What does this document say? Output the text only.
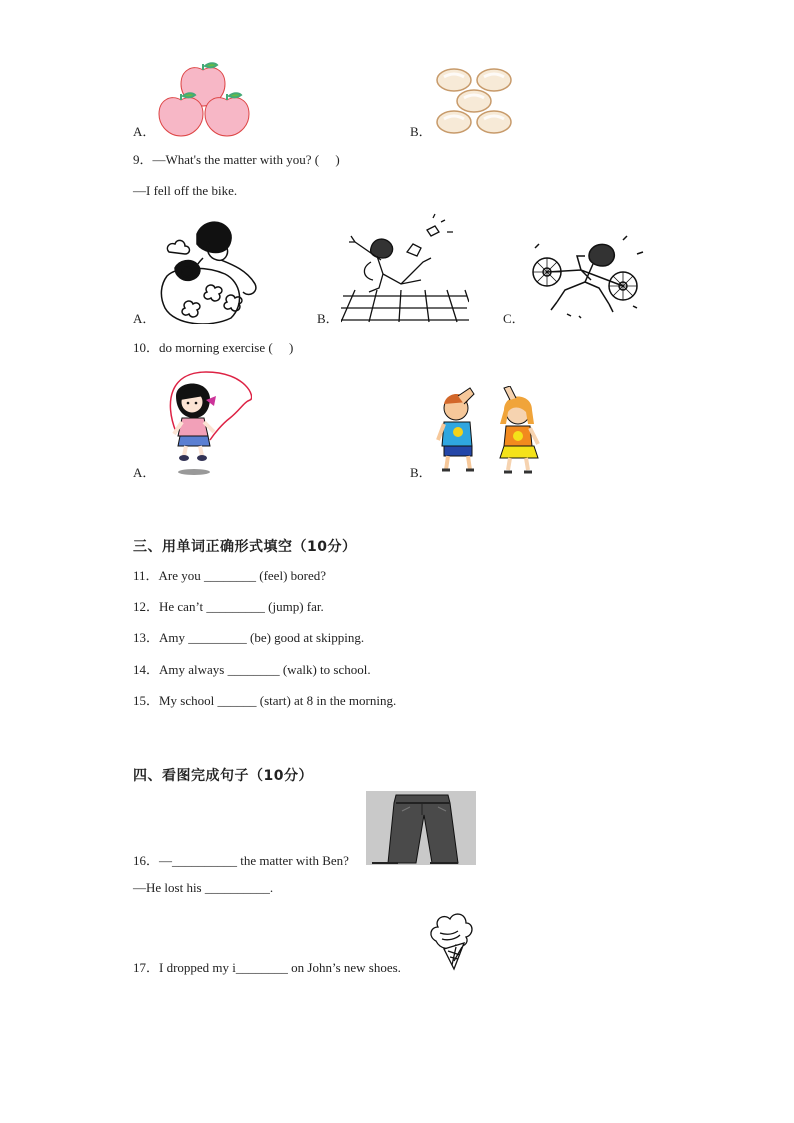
A．	B．
9．—What's the matter with you? (　 )
—I fell off the bike.
A．	B．	C．
10．do morning exercise (　 )
A．	B．
三、用单词正确形式填空（10分）
11．Are you ________ (feel) bored?
12．He can’t _________ (jump) far.
13．Amy _________ (be) good at skipping.
14．Amy always ________ (walk) to school.
15．My school ______ (start) at 8 in the morning.
四、看图完成句子（10分）
16．—__________ the matter with Ben?
—He lost his __________.
17．I dropped my i________ on John’s new shoes.
